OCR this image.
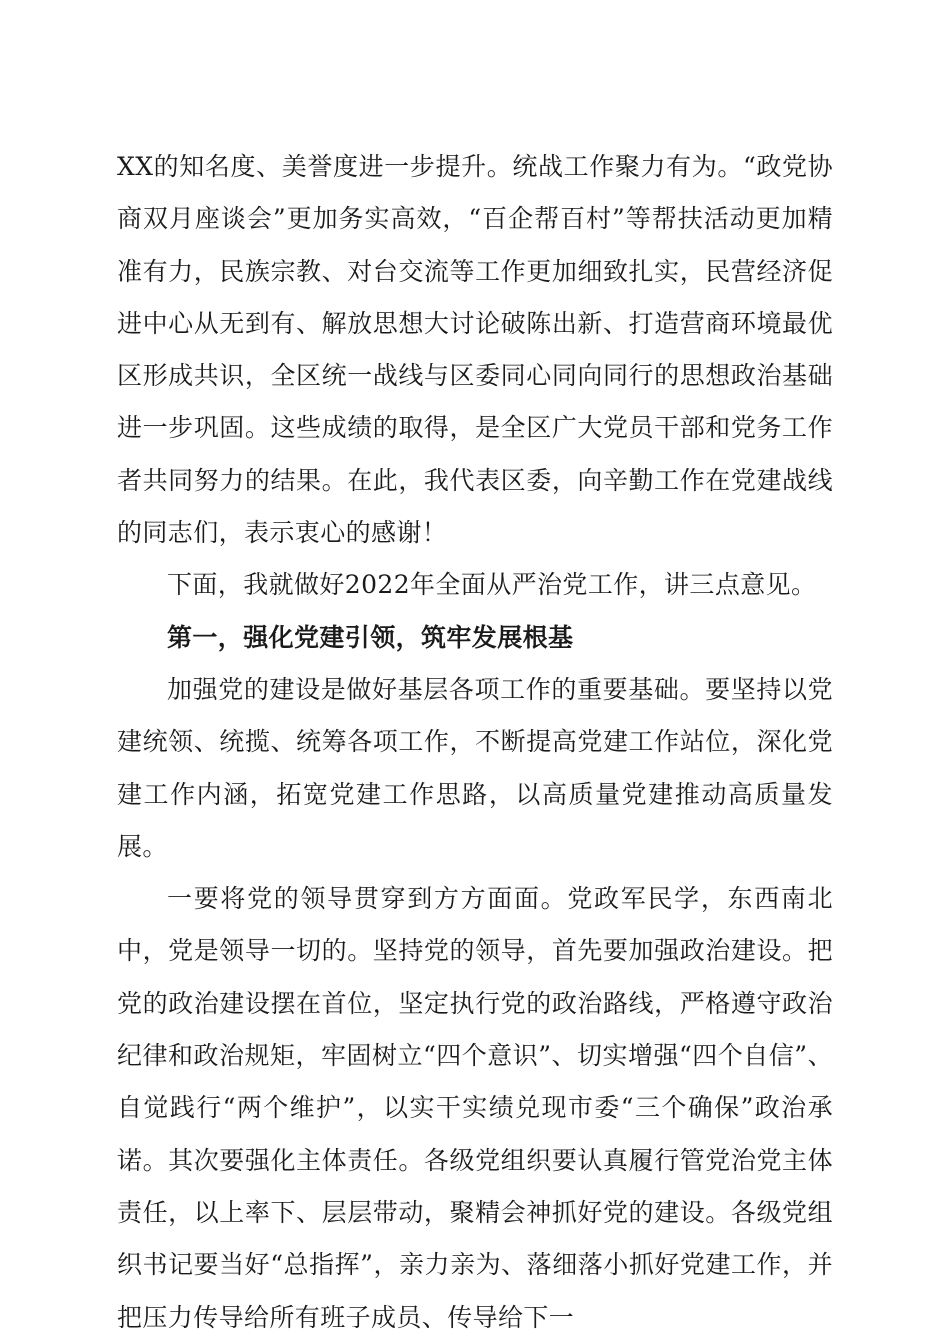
XX的知名度、美誉度进一步提升。统战工作聚力有为。“政党协商双月座谈会”更加务实高效，“百企帮百村”等帮扶活动更加精准有力，民族宗教、对台交流等工作更加细致扎实，民营经济促进中心从无到有、解放思想大讨论破陈出新、打造营商环境最优区形成共识，全区统一战线与区委同心同向同行的思想政治基础进一步巩固。这些成绩的取得，是全区广大党员干部和党务工作者共同努力的结果。在此，我代表区委，向辛勤工作在党建战线的同志们，表示衷心的感谢！

下面，我就做好2022年全面从严治党工作，讲三点意见。

第一，强化党建引领，筑牢发展根基

加强党的建设是做好基层各项工作的重要基础。要坚持以党建统领、统揽、统筹各项工作，不断提高党建工作站位，深化党建工作内涵，拓宽党建工作思路，以高质量党建推动高质量发展。

一要将党的领导贯穿到方方面面。党政军民学，东西南北中，党是领导一切的。坚持党的领导，首先要加强政治建设。把党的政治建设摆在首位，坚定执行党的政治路线，严格遵守政治纪律和政治规矩，牢固树立“四个意识”、切实增强“四个自信”、自觉践行“两个维护”，以实干实绩兑现市委“三个确保”政治承诺。其次要强化主体责任。各级党组织要认真履行管党治党主体责任，以上率下、层层带动，聚精会神抓好党的建设。各级党组织书记要当好“总指挥”，亲力亲为、落细落小抓好党建工作，并把压力传导给所有班子成员、传导给下一
